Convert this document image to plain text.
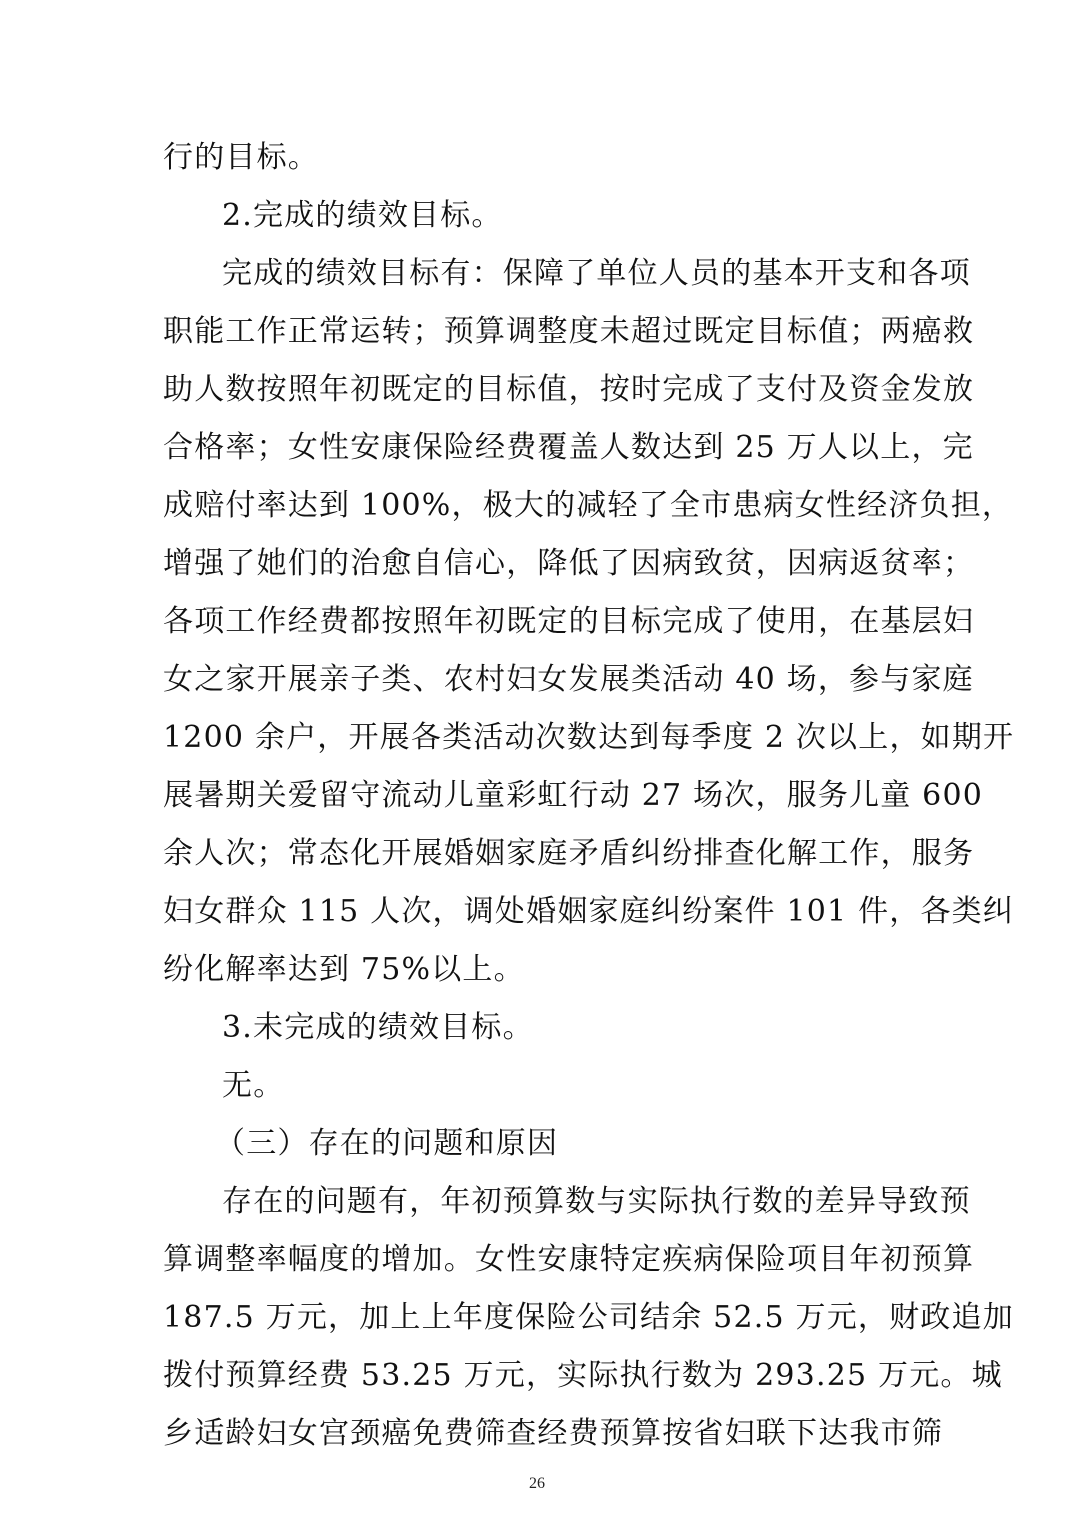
行的目标。
2.完成的绩效目标。
完成的绩效目标有：保障了单位人员的基本开支和各项
职能工作正常运转；预算调整度未超过既定目标值；两癌救
助人数按照年初既定的目标值，按时完成了支付及资金发放
合格率；女性安康保险经费覆盖人数达到 25 万人以上，完
成赔付率达到 100%，极大的减轻了全市患病女性经济负担，
增强了她们的治愈自信心，降低了因病致贫，因病返贫率；
各项工作经费都按照年初既定的目标完成了使用，在基层妇
女之家开展亲子类、农村妇女发展类活动 40 场，参与家庭
1200 余户，开展各类活动次数达到每季度 2 次以上，如期开
展暑期关爱留守流动儿童彩虹行动 27 场次，服务儿童 600
余人次；常态化开展婚姻家庭矛盾纠纷排查化解工作，服务
妇女群众 115 人次，调处婚姻家庭纠纷案件 101 件，各类纠
纷化解率达到 75%以上。
3.未完成的绩效目标。
无。
（三）存在的问题和原因
存在的问题有，年初预算数与实际执行数的差异导致预
算调整率幅度的增加。女性安康特定疾病保险项目年初预算
187.5 万元，加上上年度保险公司结余 52.5 万元，财政追加
拨付预算经费 53.25 万元，实际执行数为 293.25 万元。城
乡适龄妇女宫颈癌免费筛查经费预算按省妇联下达我市筛
26
